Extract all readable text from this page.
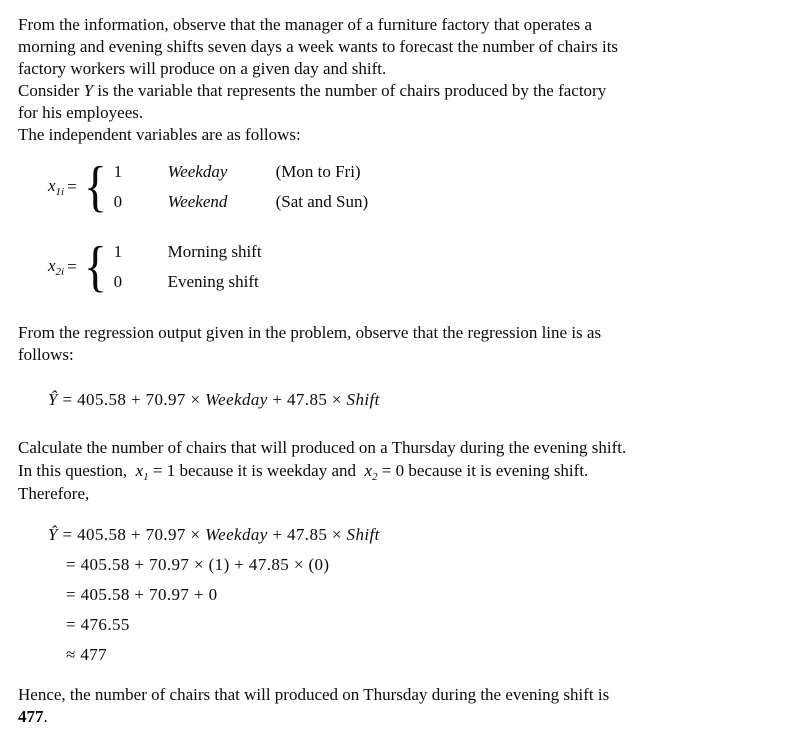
From the information, observe that the manager of a furniture factory that operates a
morning and evening shifts seven days a week wants to forecast the number of chairs its
factory workers will produce on a given day and shift.
Consider Y is the variable that represents the number of chairs produced by the factory
for his employees.
The independent variables are as follows:
$x_{1i}$ = { 1	Weekday	(Mon to Fri)
0	Weekend	(Sat and Sun)
$x_{2i}$ = { 1	Morning shift
0	Evening shift
From the regression output given in the problem, observe that the regression line is as
follows:
Ŷ = 405.58 + 70.97 × Weekday + 47.85 × Shift
Calculate the number of chairs that will produced on a Thursday during the evening shift.
In this question,  $x_1 = 1$ because it is weekday and  $x_2 = 0$ because it is evening shift.
Therefore,
Ŷ = 405.58 + 70.97 × Weekday + 47.85 × Shift
= 405.58 + 70.97 × (1) + 47.85 × (0)
= 405.58 + 70.97 + 0
= 476.55
≈ 477
Hence, the number of chairs that will produced on Thursday during the evening shift is
477.
